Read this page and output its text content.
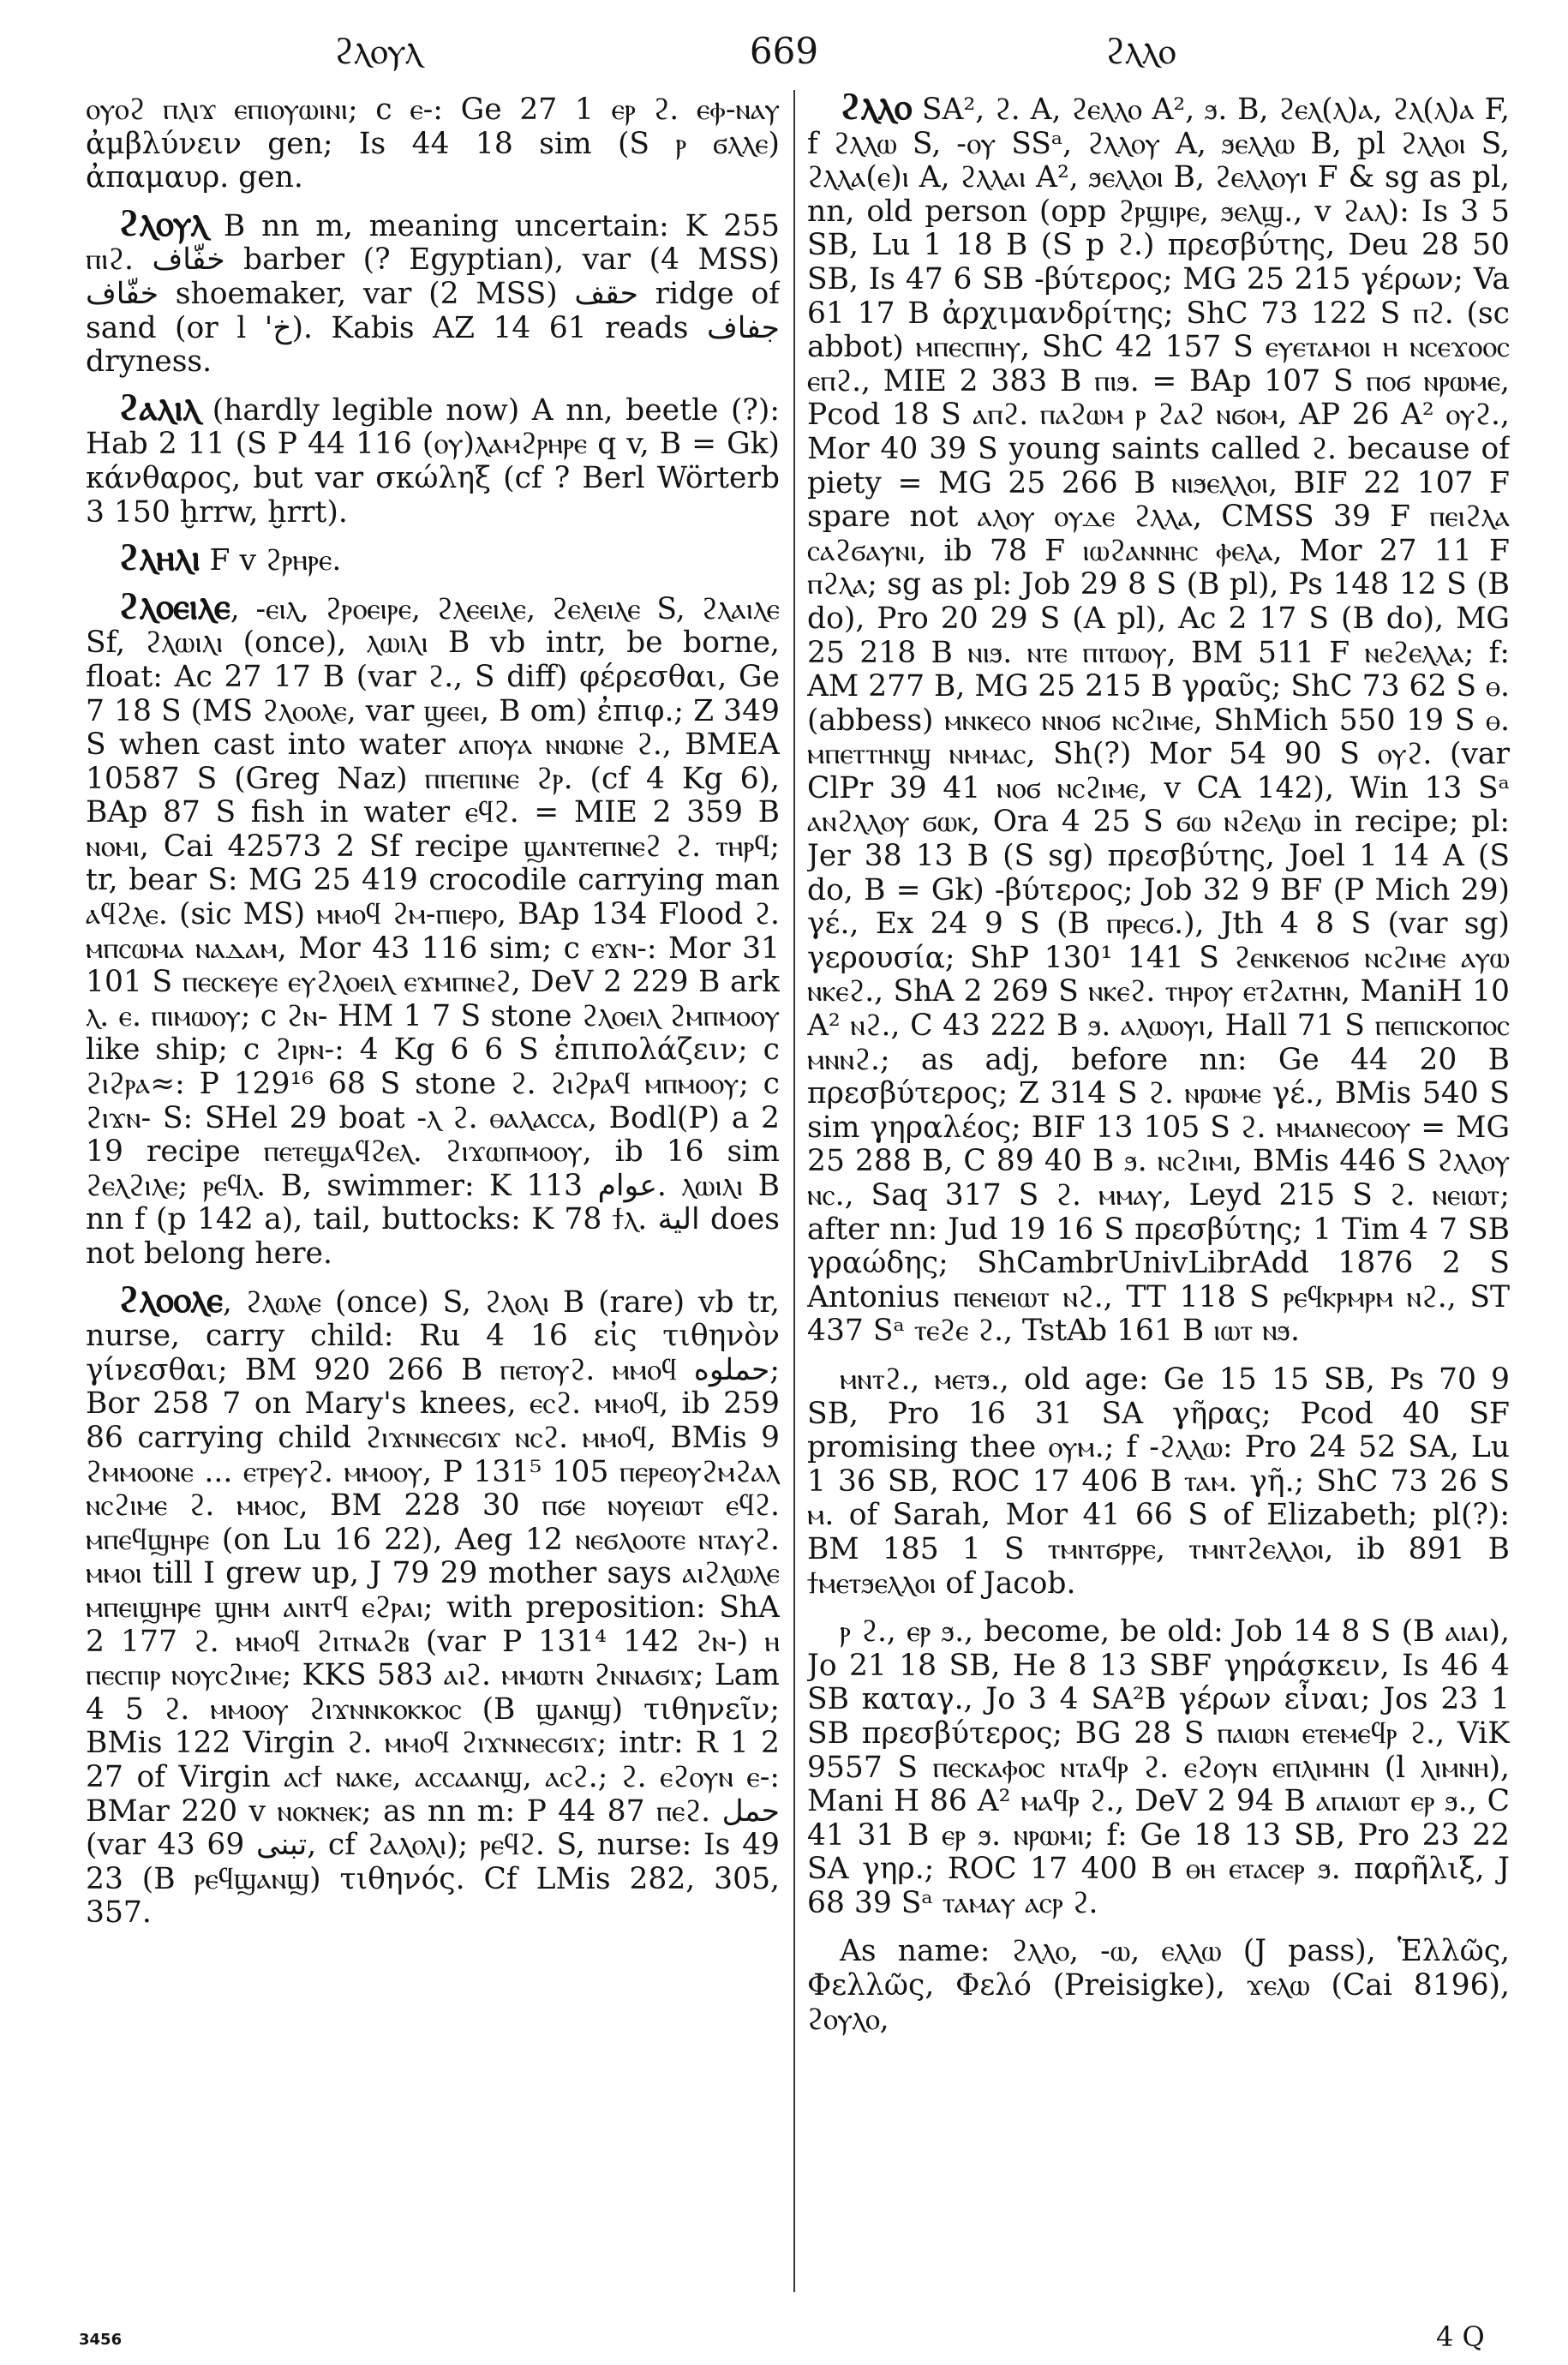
ϩⲗⲟⲩⲗ	669	ϩⲗⲗⲟ

ⲟⲩⲟϩ ⲡⲗⲓϫ ⲉⲡⲓⲟⲩⲱⲓⲛⲓ; ϲ ⲉ-: Ge 27 1 ⲉⲣ ϩ. ⲉⲫ-ⲛⲁⲩ ἀμβλύνειν gen; Is 44 18 sim (S ⲣ ϭⲗⲗⲉ) ἀπαμαυρ. gen.

ϩⲗⲟⲩⲗ B nn m, meaning uncertain: K 255 ⲡⲓϩ. خفّاف barber (? Egyptian), var (4 MSS) خفّاف shoemaker, var (2 MSS) حقف ridge of sand (or l 'خ). Kabis AZ 14 61 reads جفاف dryness.

ϩⲁⲗⲓⲗ (hardly legible now) A nn, beetle (?): Hab 2 11 (S P 44 116 (ⲟⲩ)ⲗⲁⲙϩⲣⲏⲣⲉ q v, B = Gk) κάνθαρος, but var σκώληξ (cf ? Berl Wörterb 3 150 ḫrrw, ḫrrt).

ϩⲗⲏⲗⲓ F v ϩⲣⲏⲣⲉ.

ϩⲗⲟⲉⲓⲗⲉ, -ⲉⲓⲗ, ϩⲣⲟⲉⲓⲣⲉ, ϩⲗⲉⲉⲓⲗⲉ, ϩⲉⲗⲉⲓⲗⲉ S, ϩⲗⲁⲓⲗⲉ Sf, ϩⲗⲱⲓⲗⲓ (once), ⲗⲱⲓⲗⲓ B vb intr, be borne, float: Ac 27 17 B (var ϩ., S diff) φέρεσθαι, Ge 7 18 S (MS ϩⲗⲟⲟⲗⲉ, var ϣⲉⲉⲓ, B om) ἐπιφ.; Z 349 S when cast into water ⲁⲡⲟⲩⲁ ⲛⲛⲱⲛⲉ ϩ., BMEA 10587 S (Greg Naz) ⲡⲡⲉⲡⲓⲛⲉ ϩⲣ. (cf 4 Kg 6), BAp 87 S fish in water ⲉϥϩ. = MIE 2 359 B ⲛⲟⲙⲓ, Cai 42573 2 Sf recipe ϣⲁⲛⲧⲉⲡⲛⲉϩ ϩ. ⲧⲏⲣϥ; tr, bear S: MG 25 419 crocodile carrying man ⲁϥϩⲗⲉ. (sic MS) ⲙⲙⲟϥ ϩⲙ-ⲡⲓⲉⲣⲟ, BAp 134 Flood ϩ. ⲙⲡⲥⲱⲙⲁ ⲛⲁⲇⲁⲙ, Mor 43 116 sim; c ⲉϫⲛ-: Mor 31 101 S ⲡⲉⲥⲕⲉⲩⲉ ⲉⲩϩⲗⲟⲉⲓⲗ ⲉϫⲙⲡⲛⲉϩ, DeV 2 229 B ark ⲗ. ⲉ. ⲡⲓⲙⲱⲟⲩ; c ϩⲛ- HM 1 7 S stone ϩⲗⲟⲉⲓⲗ ϩⲙⲡⲙⲟⲟⲩ like ship; c ϩⲓⲣⲛ-: 4 Kg 6 6 S ἐπιπολάζειν; c ϩⲓϩⲣⲁ≈: P 129¹⁶ 68 S stone ϩ. ϩⲓϩⲣⲁϥ ⲙⲡⲙⲟⲟⲩ; c ϩⲓϫⲛ- S: SHel 29 boat -ⲗ ϩ. ⲑⲁⲗⲁⲥⲥⲁ, Bodl(P) a 2 19 recipe ⲡⲉⲧⲉϣⲁϥϩⲉⲗ. ϩⲓϫⲱⲡⲙⲟⲟⲩ, ib 16 sim ϩⲉⲗϩⲓⲗⲉ; ⲣⲉϥⲗ. B, swimmer: K 113 عوام. ⲗⲱⲓⲗⲓ B nn f (p 142 a), tail, buttocks: K 78 ϯⲗ. الية does not belong here.

ϩⲗⲟⲟⲗⲉ, ϩⲗⲱⲗⲉ (once) S, ϩⲗⲟⲗⲓ B (rare) vb tr, nurse, carry child: Ru 4 16 εἰς τιθηνὸν γίνεσθαι; BM 920 266 B ⲡⲉⲧⲟⲩϩ. ⲙⲙⲟϥ حملوه; Bor 258 7 on Mary's knees, ⲉⲥϩ. ⲙⲙⲟϥ, ib 259 86 carrying child ϩⲓϫⲛⲛⲉⲥϭⲓϫ ⲛⲥϩ. ⲙⲙⲟϥ, BMis 9 ϩⲙⲙⲟⲟⲛⲉ ... ⲉⲧⲣⲉⲩϩ. ⲙⲙⲟⲟⲩ, P 131⁵ 105 ⲡⲉⲣⲉⲟⲩϩⲙϩⲁⲗ ⲛⲥϩⲓⲙⲉ ϩ. ⲙⲙⲟⲥ, BM 228 30 ⲡϭⲉ ⲛⲟⲩⲉⲓⲱⲧ ⲉϥϩ. ⲙⲡⲉϥϣⲏⲣⲉ (on Lu 16 22), Aeg 12 ⲛⲉϭⲗⲟⲟⲧⲉ ⲛⲧⲁⲩϩ. ⲙⲙⲟⲓ till I grew up, J 79 29 mother says ⲁⲓϩⲗⲱⲗⲉ ⲙⲡⲉⲓϣⲏⲣⲉ ϣⲏⲙ ⲁⲓⲛⲧϥ ⲉϩⲣⲁⲓ; with preposition: ShA 2 177 ϩ. ⲙⲙⲟϥ ϩⲓⲧⲛⲁϩⲃ (var P 131⁴ 142 ϩⲛ-) ⲏ ⲡⲉⲥⲡⲓⲣ ⲛⲟⲩⲥϩⲓⲙⲉ; KKS 583 ⲁⲓϩ. ⲙⲙⲱⲧⲛ ϩⲛⲛⲁϭⲓϫ; Lam 4 5 ϩ. ⲙⲙⲟⲟⲩ ϩⲓϫⲛⲛⲕⲟⲕⲕⲟⲥ (B ϣⲁⲛϣ) τιθηνεῖν; BMis 122 Virgin ϩ. ⲙⲙⲟϥ ϩⲓϫⲛⲛⲉⲥϭⲓϫ; intr: R 1 2 27 of Virgin ⲁⲥϯ ⲛⲁⲕⲉ, ⲁⲥⲥⲁⲁⲛϣ, ⲁⲥϩ.; ϩ. ⲉϩⲟⲩⲛ ⲉ-: BMar 220 v ⲛⲟⲕⲛⲉⲕ; as nn m: P 44 87 ⲡⲉϩ. حمل (var 43 69 تبنى, cf ϩⲁⲗⲟⲗⲓ); ⲣⲉϥϩ. S, nurse: Is 49 23 (B ⲣⲉϥϣⲁⲛϣ) τιθηνός. Cf LMis 282, 305, 357.

ϩⲗⲗⲟ SA², ϩ. A, ϩⲉⲗⲗⲟ A², ϧ. B, ϩⲉⲗ(ⲗ)ⲁ, ϩⲗ(ⲗ)ⲁ F, f ϩⲗⲗⲱ S, -ⲟⲩ SSᵃ, ϩⲗⲗⲟⲩ A, ϧⲉⲗⲗⲱ B, pl ϩⲗⲗⲟⲓ S, ϩⲗⲗⲁ(ⲉ)ⲓ A, ϩⲗⲗⲁⲓ A², ϧⲉⲗⲗⲟⲓ B, ϩⲉⲗⲗⲟⲩⲓ F & sg as pl, nn, old person (opp ϩⲣϣⲓⲣⲉ, ϧⲉⲗϣ., v ϩⲁⲗ): Is 3 5 SB, Lu 1 18 B (S p ϩ.) πρεσβύτης, Deu 28 50 SB, Is 47 6 SB -βύτερος; MG 25 215 γέρων; Va 61 17 B ἀρχιμανδρίτης; ShC 73 122 S ⲡϩ. (sc abbot) ⲙⲡⲉⲥⲡⲏⲩ, ShC 42 157 S ⲉⲩⲉⲧⲁⲙⲟⲓ ⲏ ⲛⲥⲉϫⲟⲟⲥ ⲉⲡϩ., MIE 2 383 B ⲡⲓϧ. = BAp 107 S ⲡⲟϭ ⲛⲣⲱⲙⲉ, Pcod 18 S ⲁⲡϩ. ⲡⲁϩⲱⲙ ⲣ ϩⲁϩ ⲛϭⲟⲙ, AP 26 A² ⲟⲩϩ., Mor 40 39 S young saints called ϩ. because of piety = MG 25 266 B ⲛⲓϧⲉⲗⲗⲟⲓ, BIF 22 107 F spare not ⲁⲗⲟⲩ ⲟⲩⲇⲉ ϩⲗⲗⲁ, CMSS 39 F ⲡⲉⲓϩⲗⲁ ⲥⲁϩϭⲁⲩⲛⲓ, ib 78 F ⲓⲱϩⲁⲛⲛⲏⲥ ⲫⲉⲗⲁ, Mor 27 11 F ⲡϩⲗⲁ; sg as pl: Job 29 8 S (B pl), Ps 148 12 S (B do), Pro 20 29 S (A pl), Ac 2 17 S (B do), MG 25 218 B ⲛⲓϧ. ⲛⲧⲉ ⲡⲓⲧⲱⲟⲩ, BM 511 F ⲛⲉϩⲉⲗⲗⲁ; f: AM 277 B, MG 25 215 B γραῦς; ShC 73 62 S ⲑ. (abbess) ⲙⲛⲕⲉⲥⲟ ⲛⲛⲟϭ ⲛⲥϩⲓⲙⲉ, ShMich 550 19 S ⲑ. ⲙⲡⲉⲧⲧⲏⲛϣ ⲛⲙⲙⲁⲥ, Sh(?) Mor 54 90 S ⲟⲩϩ. (var ClPr 39 41 ⲛⲟϭ ⲛⲥϩⲓⲙⲉ, v CA 142), Win 13 Sᵃ ⲁⲛϩⲗⲗⲟⲩ ϭⲱⲕ, Ora 4 25 S ϭⲱ ⲛϩⲉⲗⲱ in recipe; pl: Jer 38 13 B (S sg) πρεσβύτης, Joel 1 14 A (S do, B = Gk) -βύτερος; Job 32 9 BF (P Mich 29) γέ., Ex 24 9 S (B ⲡⲣⲉⲥϭ.), Jth 4 8 S (var sg) γερουσία; ShP 130¹ 141 S ϩⲉⲛⲕⲉⲛⲟϭ ⲛⲥϩⲓⲙⲉ ⲁⲩⲱ ⲛⲕⲉϩ., ShA 2 269 S ⲛⲕⲉϩ. ⲧⲏⲣⲟⲩ ⲉⲧϩⲁⲧⲏⲛ, ManiH 10 A² ⲛϩ., C 43 222 B ϧ. ⲁⲗⲱⲟⲩⲓ, Hall 71 S ⲡⲉⲡⲓⲥⲕⲟⲡⲟⲥ ⲙⲛⲛϩ.; as adj, before nn: Ge 44 20 B πρεσβύτερος; Z 314 S ϩ. ⲛⲣⲱⲙⲉ γέ., BMis 540 S sim γηραλέος; BIF 13 105 S ϩ. ⲙⲙⲁⲛⲉⲥⲟⲟⲩ = MG 25 288 B, C 89 40 B ϧ. ⲛⲥϩⲓⲙⲓ, BMis 446 S ϩⲗⲗⲟⲩ ⲛⲥ., Saq 317 S ϩ. ⲙⲙⲁⲩ, Leyd 215 S ϩ. ⲛⲉⲓⲱⲧ; after nn: Jud 19 16 S πρεσβύτης; 1 Tim 4 7 SB γραώδης; ShCambrUnivLibrAdd 1876 2 S Antonius ⲡⲉⲛⲉⲓⲱⲧ ⲛϩ., TT 118 S ⲣⲉϥⲕⲣⲙⲣⲙ ⲛϩ., ST 437 Sᵃ ⲧⲉϩⲉ ϩ., TstAb 161 B ⲓⲱⲧ ⲛϧ.

ⲙⲛⲧϩ., ⲙⲉⲧϧ., old age: Ge 15 15 SB, Ps 70 9 SB, Pro 16 31 SA γῆρας; Pcod 40 SF promising thee ⲟⲩⲙ.; f -ϩⲗⲗⲱ: Pro 24 52 SA, Lu 1 36 SB, ROC 17 406 B ⲧⲁⲙ. γῆ.; ShC 73 26 S ⲙ. of Sarah, Mor 41 66 S of Elizabeth; pl(?): BM 185 1 S ⲧⲙⲛⲧϭⲣⲣⲉ, ⲧⲙⲛⲧϩⲉⲗⲗⲟⲓ, ib 891 B ϯⲙⲉⲧϧⲉⲗⲗⲟⲓ of Jacob.

ⲣ ϩ., ⲉⲣ ϧ., become, be old: Job 14 8 S (B ⲁⲓⲁⲓ), Jo 21 18 SB, He 8 13 SBF γηράσκειν, Is 46 4 SB καταγ., Jo 3 4 SA²B γέρων εἶναι; Jos 23 1 SB πρεσβύτερος; BG 28 S ⲡⲁⲓⲱⲛ ⲉⲧⲉⲙⲉϥⲣ ϩ., ViK 9557 S ⲡⲉⲥⲕⲁⲫⲟⲥ ⲛⲧⲁϥⲣ ϩ. ⲉϩⲟⲩⲛ ⲉⲡⲗⲓⲙⲏⲛ (l ⲗⲓⲙⲛⲏ), Mani H 86 A² ⲙⲁϥⲣ ϩ., DeV 2 94 B ⲁⲡⲁⲓⲱⲧ ⲉⲣ ϧ., C 41 31 B ⲉⲣ ϧ. ⲛⲣⲱⲙⲓ; f: Ge 18 13 SB, Pro 23 22 SA γηρ.; ROC 17 400 B ⲑⲏ ⲉⲧⲁⲥⲉⲣ ϧ. παρῆλιξ, J 68 39 Sᵃ ⲧⲁⲙⲁⲩ ⲁⲥⲣ ϩ.

As name: ϩⲗⲗⲟ, -ⲱ, ⲉⲗⲗⲱ (J pass), Ἑλλῶς, Φελλῶς, Φελό (Preisigke), ϫⲉⲗⲱ (Cai 8196), ϩⲟⲩⲗⲟ,

3456	4 Q
